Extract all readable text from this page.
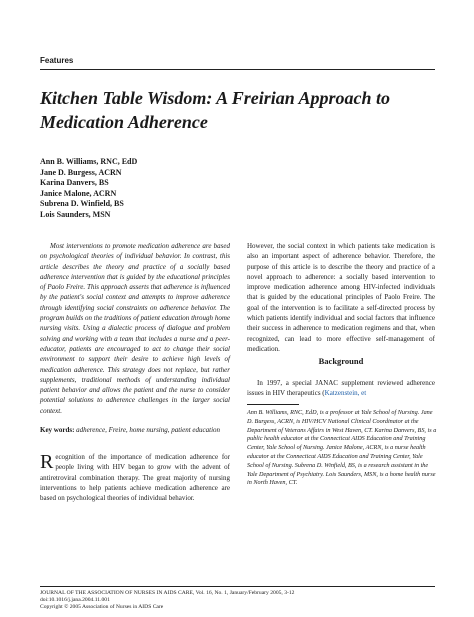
Features
Kitchen Table Wisdom: A Freirian Approach to
Medication Adherence
Ann B. Williams, RNC, EdD
Jane D. Burgess, ACRN
Karina Danvers, BS
Janice Malone, ACRN
Subrena D. Winfield, BS
Lois Saunders, MSN
Most interventions to promote medication adherence are based on psychological theories of individual behavior. In contrast, this article describes the theory and practice of a socially based adherence intervention that is guided by the educational principles of Paolo Freire. This approach asserts that adherence is influenced by the patient's social context and attempts to improve adherence through identifying social constraints on adherence behavior. The program builds on the traditions of patient education through home nursing visits. Using a dialectic process of dialogue and problem solving and working with a team that includes a nurse and a peer-educator, patients are encouraged to act to change their social environment to support their desire to achieve high levels of medication adherence. This strategy does not replace, but rather supplements, traditional methods of understanding individual patient behavior and allows the patient and the nurse to consider potential solutions to adherence challenges in the larger social context.
Key words: adherence, Freire, home nursing, patient education
Recognition of the importance of medication adherence for people living with HIV began to grow with the advent of antiretroviral combination therapy. The great majority of nursing interventions to help patients achieve medication adherence are based on psychological theories of individual behavior.
However, the social context in which patients take medication is also an important aspect of adherence behavior. Therefore, the purpose of this article is to describe the theory and practice of a novel approach to adherence: a socially based intervention to improve medication adherence among HIV-infected individuals that is guided by the educational principles of Paolo Freire. The goal of the intervention is to facilitate a self-directed process by which patients identify individual and social factors that influence their success in adherence to medication regimens and that, when recognized, can lead to more effective self-management of medication.
Background
In 1997, a special JANAC supplement reviewed adherence issues in HIV therapeutics (Katzenstein, et
Ann B. Williams, RNC, EdD, is a professor at Yale School of Nursing. Jane D. Burgess, ACRN, is HIV/HCV National Clinical Coordinator at the Department of Veterans Affairs in West Haven, CT. Karina Danvers, BS, is a public health educator at the Connecticut AIDS Education and Training Center, Yale School of Nursing. Janice Malone, ACRN, is a nurse health educator at the Connecticut AIDS Education and Training Center, Yale School of Nursing. Subrena D. Winfield, BS, is a research assistant in the Yale Department of Psychiatry. Lois Saunders, MSN, is a home health nurse in North Haven, CT.
JOURNAL OF THE ASSOCIATION OF NURSES IN AIDS CARE, Vol. 16, No. 1, January/February 2005, 3-12
doi:10.1016/j.jana.2004.11.001
Copyright © 2005 Association of Nurses in AIDS Care
